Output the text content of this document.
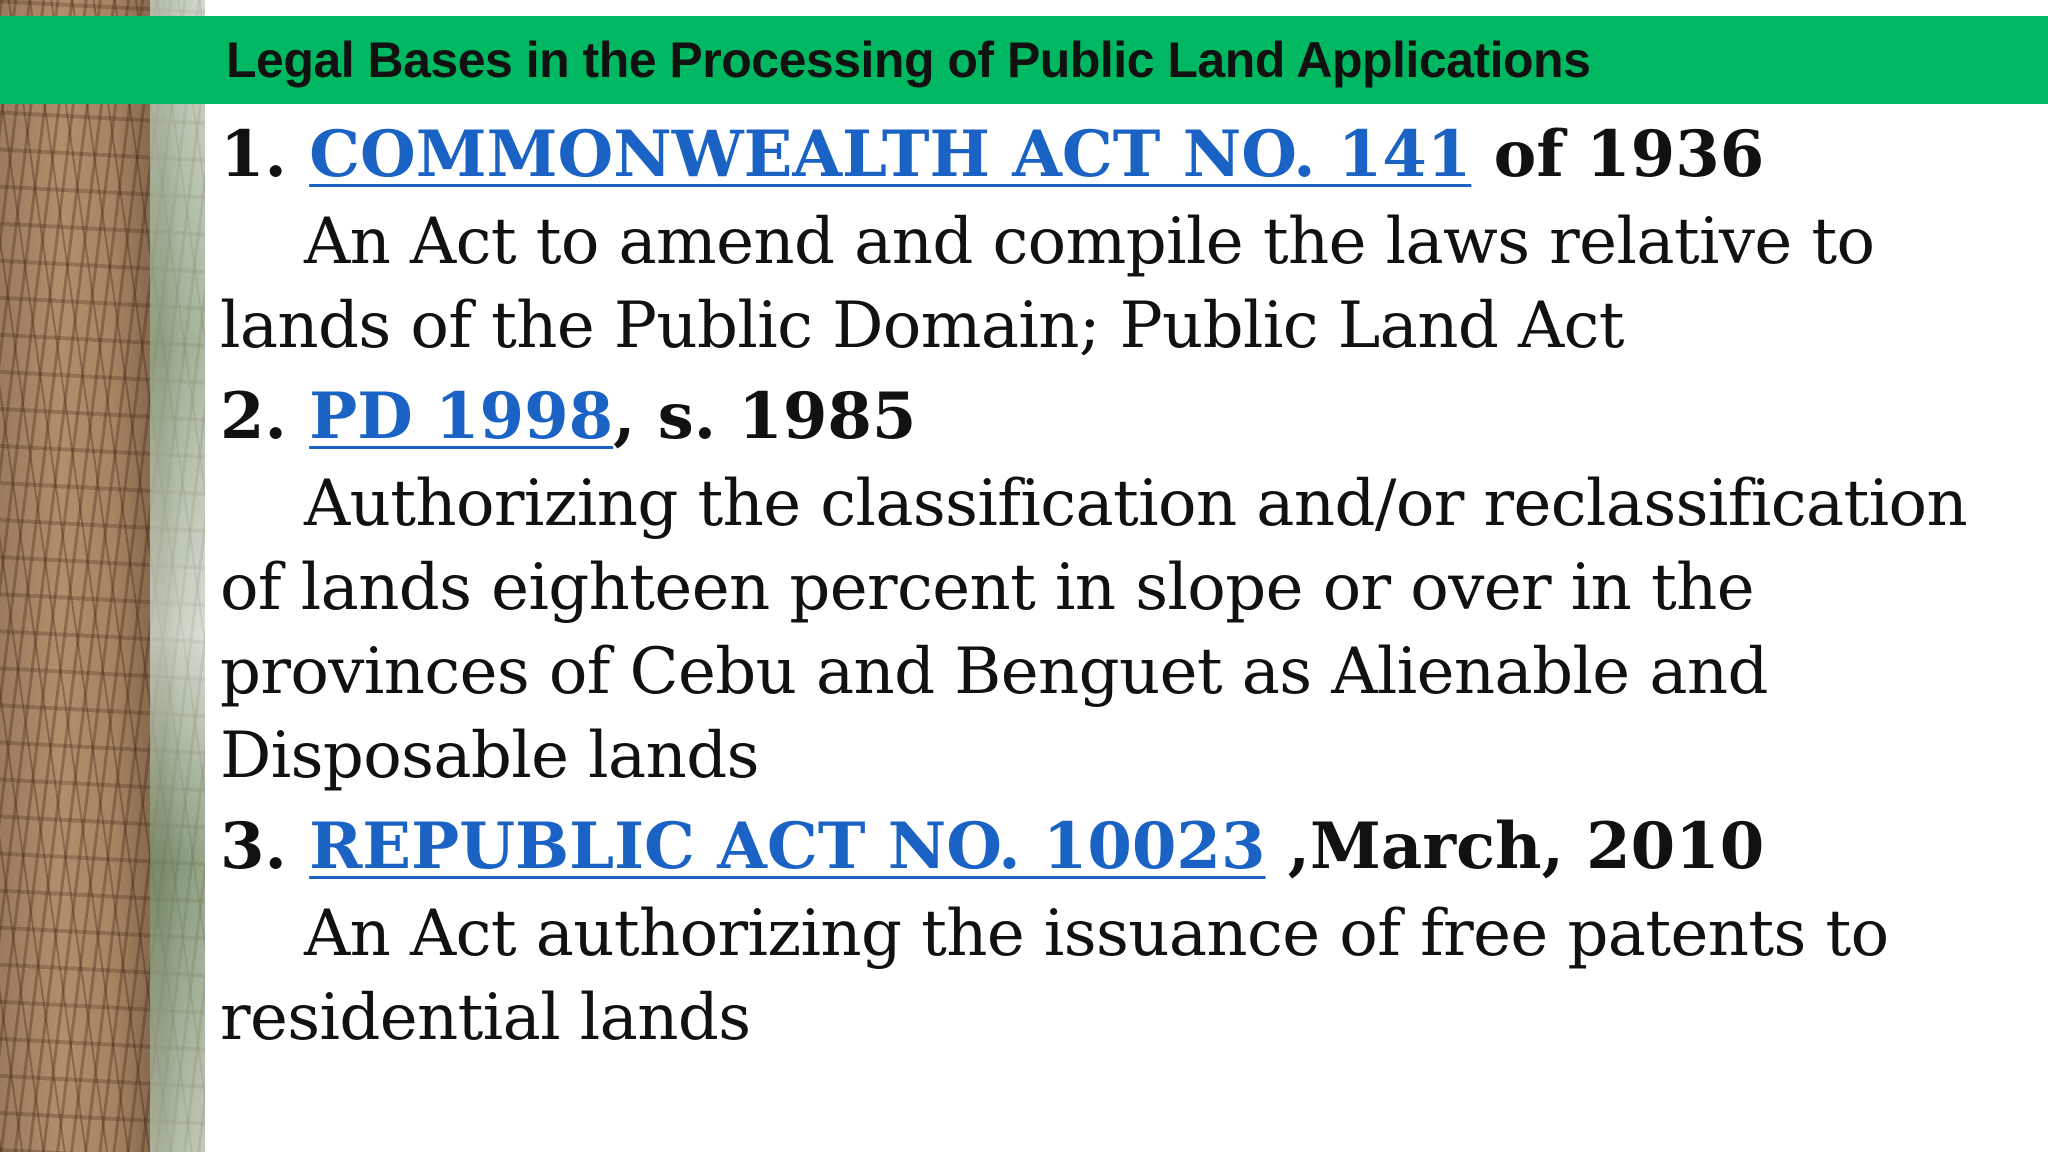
Legal Bases in the Processing of Public Land Applications
1. COMMONWEALTH ACT NO. 141 of 1936
An Act to amend and compile the laws relative to lands of the Public Domain; Public Land Act
2. PD 1998, s. 1985
Authorizing the classification and/or reclassification of lands eighteen percent in slope or over in the provinces of Cebu and Benguet as Alienable and Disposable lands
3. REPUBLIC ACT NO. 10023 ,March, 2010
An Act authorizing the issuance of free patents to residential lands
